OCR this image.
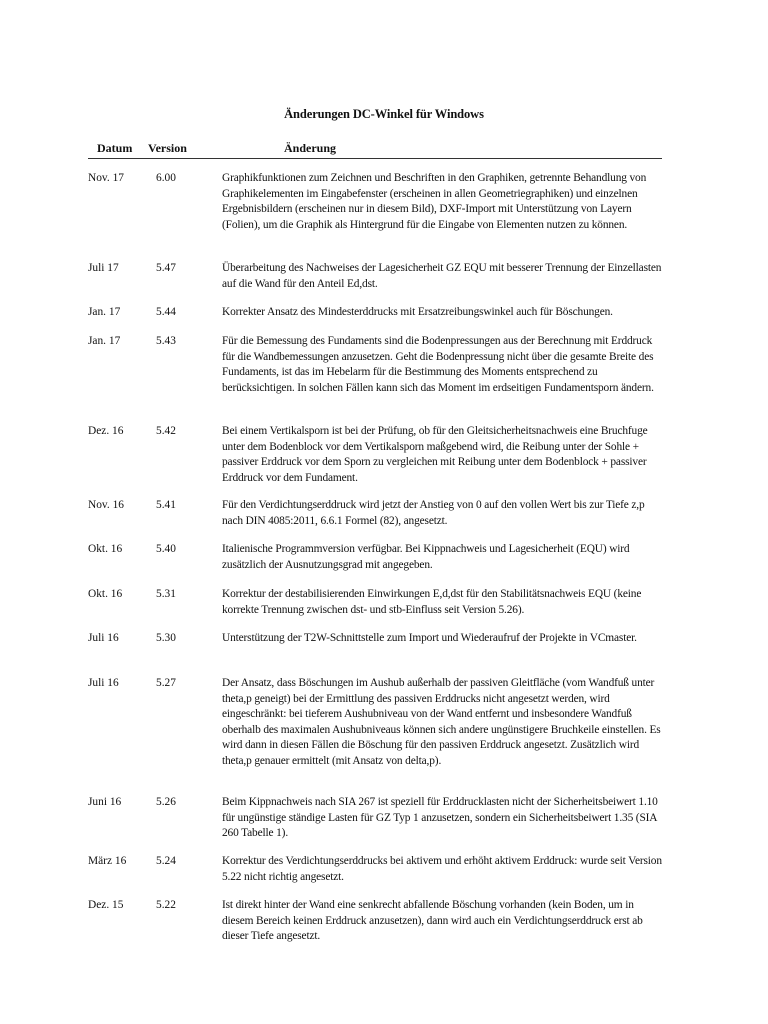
Änderungen DC-Winkel für Windows
Datum Version	Änderung
Nov. 17	6.00	Graphikfunktionen zum Zeichnen und Beschriften in den Graphiken, getrennte Behandlung von Graphikelementen im Eingabefenster (erscheinen in allen Geometriegraphiken) und einzelnen Ergebnisbildern (erscheinen nur in diesem Bild), DXF-Import mit Unterstützung von Layern (Folien), um die Graphik als Hintergrund für die Eingabe von Elementen nutzen zu können.
Juli 17	5.47	Überarbeitung des Nachweises der Lagesicherheit GZ EQU mit besserer Trennung der Einzellasten auf die Wand für den Anteil Ed,dst.
Jan. 17	5.44	Korrekter Ansatz des Mindesterddrucks mit Ersatzreibungswinkel auch für Böschungen.
Jan. 17	5.43	Für die Bemessung des Fundaments sind die Bodenpressungen aus der Berechnung mit Erddruck für die Wandbemessungen anzusetzen. Geht die Bodenpressung nicht über die gesamte Breite des Fundaments, ist das im Hebelarm für die Bestimmung des Moments entsprechend zu berücksichtigen. In solchen Fällen kann sich das Moment im erdseitigen Fundamentsporn ändern.
Dez. 16	5.42	Bei einem Vertikalsporn ist bei der Prüfung, ob für den Gleitsicherheitsnachweis eine Bruchfuge unter dem Bodenblock vor dem Vertikalsporn maßgebend wird, die Reibung unter der Sohle + passiver Erddruck vor dem Sporn zu vergleichen mit Reibung unter dem Bodenblock + passiver Erddruck vor dem Fundament.
Nov. 16	5.41	Für den Verdichtungserddruck wird jetzt der Anstieg von 0 auf den vollen Wert bis zur Tiefe z,p nach DIN 4085:2011, 6.6.1 Formel (82), angesetzt.
Okt. 16	5.40	Italienische Programmversion verfügbar. Bei Kippnachweis und Lagesicherheit (EQU) wird zusätzlich der Ausnutzungsgrad mit angegeben.
Okt. 16	5.31	Korrektur der destabilisierenden Einwirkungen E,d,dst für den Stabilitätsnachweis EQU (keine korrekte Trennung zwischen dst- und stb-Einfluss seit Version 5.26).
Juli 16	5.30	Unterstützung der T2W-Schnittstelle zum Import und Wiederaufruf der Projekte in VCmaster.
Juli 16	5.27	Der Ansatz, dass Böschungen im Aushub außerhalb der passiven Gleitfläche (vom Wandfuß unter theta,p geneigt) bei der Ermittlung des passiven Erddrucks nicht angesetzt werden, wird eingeschränkt: bei tieferem Aushubniveau von der Wand entfernt und insbesondere Wandfuß oberhalb des maximalen Aushubniveaus können sich andere ungünstigere Bruchkeile einstellen. Es wird dann in diesen Fällen die Böschung für den passiven Erddruck angesetzt. Zusätzlich wird theta,p genauer ermittelt (mit Ansatz von delta,p).
Juni 16	5.26	Beim Kippnachweis nach SIA 267 ist speziell für Erddrucklasten nicht der Sicherheitsbeiwert 1.10 für ungünstige ständige Lasten für GZ Typ 1 anzusetzen, sondern ein Sicherheitsbeiwert 1.35 (SIA 260 Tabelle 1).
März 16	5.24	Korrektur des Verdichtungserddrucks bei aktivem und erhöht aktivem Erddruck: wurde seit Version 5.22 nicht richtig angesetzt.
Dez. 15	5.22	Ist direkt hinter der Wand eine senkrecht abfallende Böschung vorhanden (kein Boden, um in diesem Bereich keinen Erddruck anzusetzen), dann wird auch ein Verdichtungserddruck erst ab dieser Tiefe angesetzt.
